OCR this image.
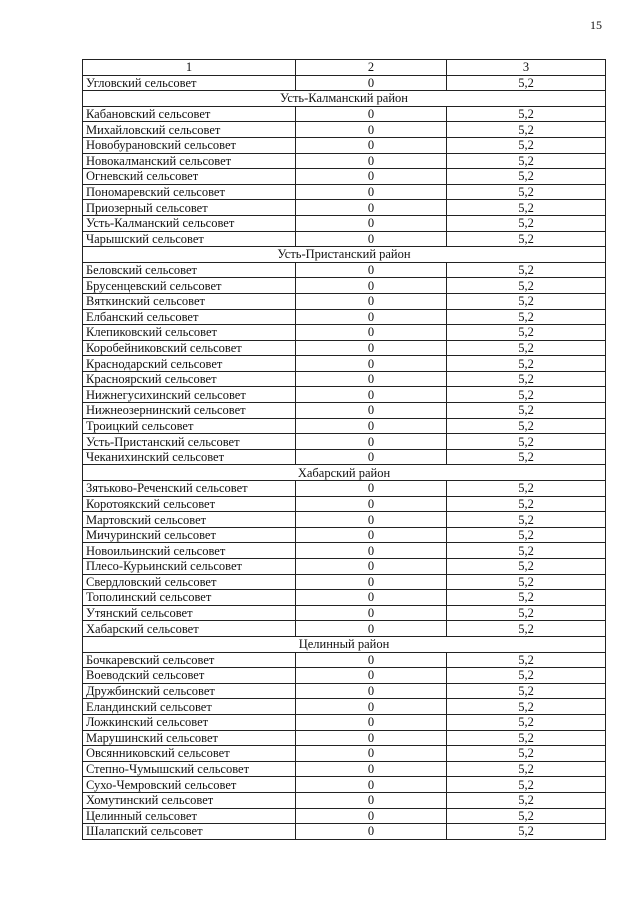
15
1	2	3
Угловский сельсовет	0	5,2
Усть-Калманский район		
Кабановский сельсовет	0	5,2
Михайловский сельсовет	0	5,2
Новобурановский сельсовет	0	5,2
Новокалманский сельсовет	0	5,2
Огневский сельсовет	0	5,2
Пономаревский сельсовет	0	5,2
Приозерный сельсовет	0	5,2
Усть-Калманский сельсовет	0	5,2
Чарышский сельсовет	0	5,2
Усть-Пристанский район		
Беловский сельсовет	0	5,2
Брусенцевский сельсовет	0	5,2
Вяткинский сельсовет	0	5,2
Елбанский сельсовет	0	5,2
Клепиковский сельсовет	0	5,2
Коробейниковский сельсовет	0	5,2
Краснодарский сельсовет	0	5,2
Краснoярский сельсовет	0	5,2
Нижнегусихинский сельсовет	0	5,2
Нижнеозернинский сельсовет	0	5,2
Троицкий сельсовет	0	5,2
Усть-Пристанский сельсовет	0	5,2
Чеканихинский сельсовет	0	5,2
Хабарский район		
Зятьково-Реченский сельсовет	0	5,2
Коротоякский сельсовет	0	5,2
Мартовский сельсовет	0	5,2
Мичуринский сельсовет	0	5,2
Новоильинский сельсовет	0	5,2
Плесо-Курьинский сельсовет	0	5,2
Свердловский сельсовет	0	5,2
Тополинский сельсовет	0	5,2
Утянский сельсовет	0	5,2
Хабарский сельсовет	0	5,2
Целинный район		
Бочкаревский сельсовет	0	5,2
Воеводский сельсовет	0	5,2
Дружбинский сельсовет	0	5,2
Еландинский сельсовет	0	5,2
Ложкинский сельсовет	0	5,2
Марушинский сельсовет	0	5,2
Овсянниковский сельсовет	0	5,2
Степно-Чумышский сельсовет	0	5,2
Сухо-Чемровский сельсовет	0	5,2
Хомутинский сельсовет	0	5,2
Целинный сельсовет	0	5,2
Шалапский сельсовет	0	5,2
